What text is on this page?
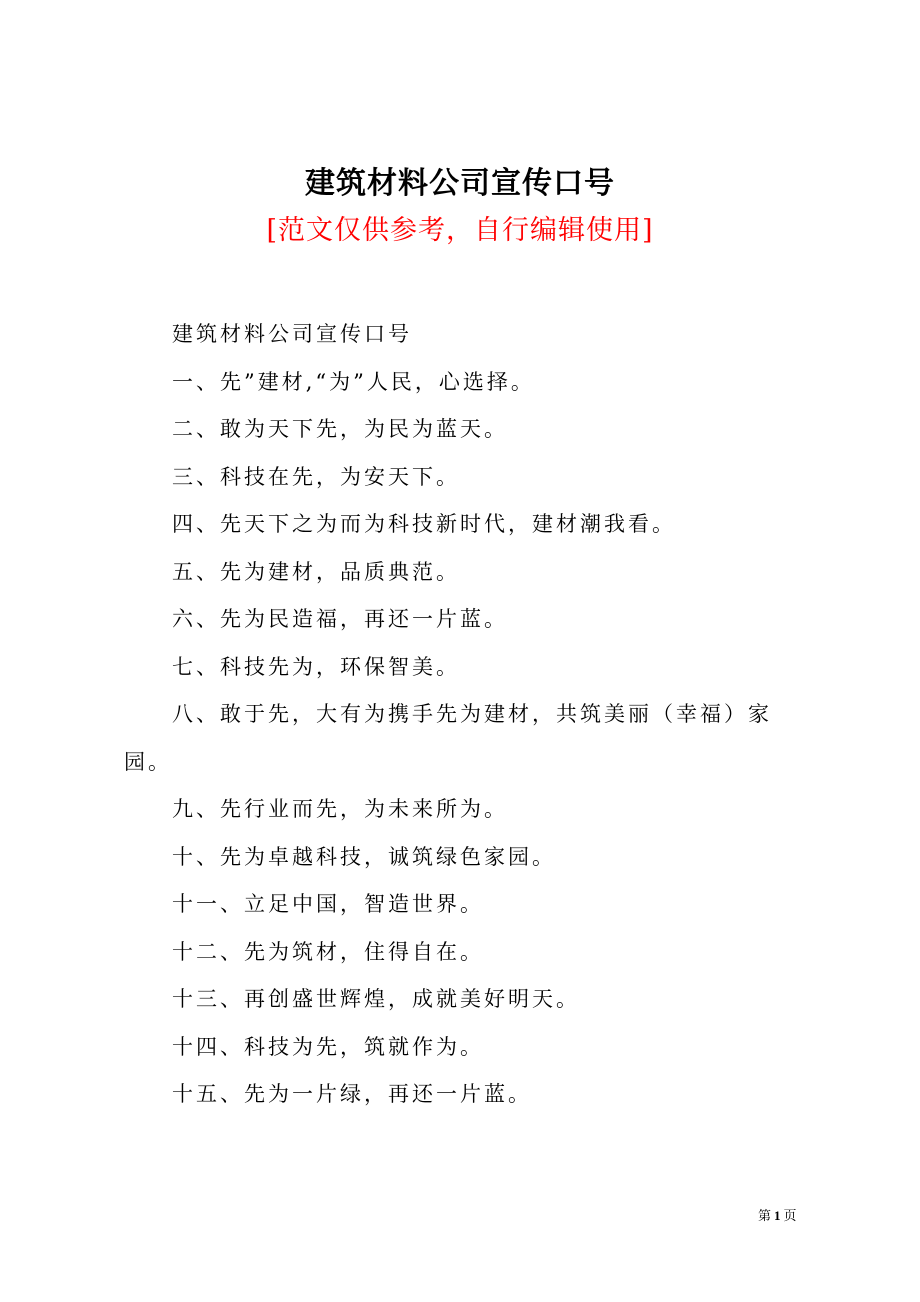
建筑材料公司宣传口号
[范文仅供参考，自行编辑使用]

建筑材料公司宣传口号

一、先”建材,“为”人民，心选择。

二、敢为天下先，为民为蓝天。

三、科技在先，为安天下。

四、先天下之为而为科技新时代，建材潮我看。

五、先为建材，品质典范。

六、先为民造福，再还一片蓝。

七、科技先为，环保智美。

八、敢于先，大有为携手先为建材，共筑美丽（幸福）家园。

九、先行业而先，为未来所为。

十、先为卓越科技，诚筑绿色家园。

十一、立足中国，智造世界。

十二、先为筑材，住得自在。

十三、再创盛世辉煌，成就美好明天。

十四、科技为先，筑就作为。

十五、先为一片绿，再还一片蓝。

第 1 页
